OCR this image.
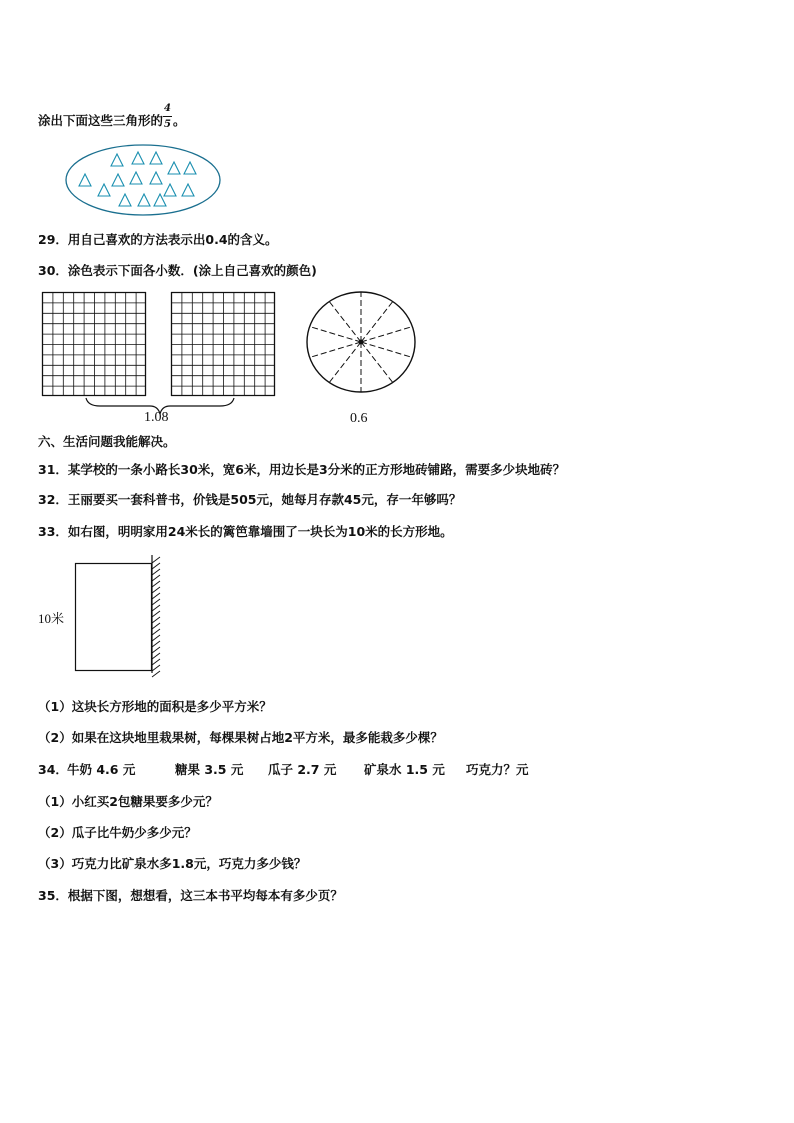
涂出下面这些三角形的
$\frac{4}{5}$
。
29．用自己喜欢的方法表示出0.4的含义。
30．涂色表示下面各小数．(涂上自己喜欢的颜色)
1.08	0.6
六、生活问题我能解决。
31．某学校的一条小路长30米，宽6米，用边长是3分米的正方形地砖铺路，需要多少块地砖？
32．王丽要买一套科普书，价钱是505元，她每月存款45元，存一年够吗？
33．如右图，明明家用24米长的篱笆靠墙围了一块长为10米的长方形地。
10米
（1）这块长方形地的面积是多少平方米？
（2）如果在这块地里栽果树，每棵果树占地2平方米，最多能栽多少棵？
34． 牛奶 4.6 元	糖果 3.5 元 瓜子 2.7 元 矿泉水 1.5 元 巧克力？元
（1）小红买2包糖果要多少元？
（2）瓜子比牛奶少多少元？
（3）巧克力比矿泉水多1.8元，巧克力多少钱？
35．根据下图，想想看，这三本书平均每本有多少页？
